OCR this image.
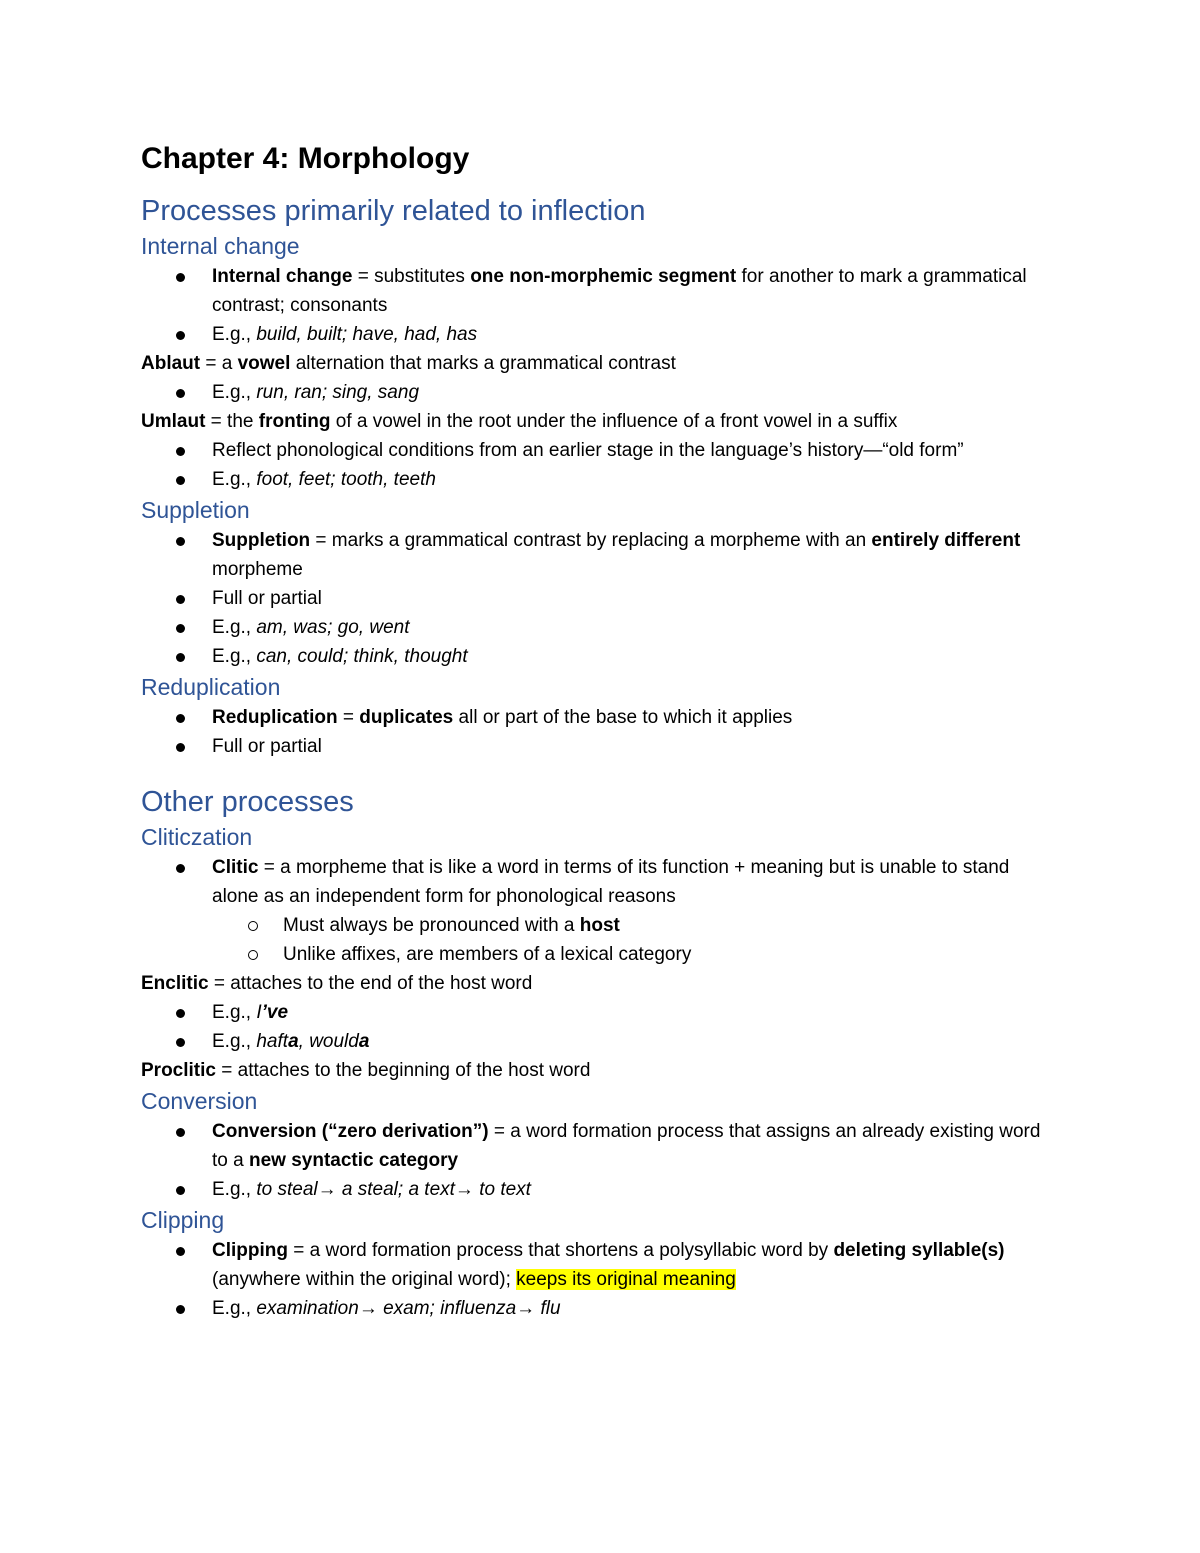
Chapter 4: Morphology
Processes primarily related to inflection
Internal change
Internal change = substitutes one non-morphemic segment for another to mark a grammatical contrast; consonants
E.g., build, built; have, had, has
Ablaut = a vowel alternation that marks a grammatical contrast
E.g., run, ran; sing, sang
Umlaut = the fronting of a vowel in the root under the influence of a front vowel in a suffix
Reflect phonological conditions from an earlier stage in the language’s history—“old form”
E.g., foot, feet; tooth, teeth
Suppletion
Suppletion = marks a grammatical contrast by replacing a morpheme with an entirely different morpheme
Full or partial
E.g., am, was; go, went
E.g., can, could; think, thought
Reduplication
Reduplication = duplicates all or part of the base to which it applies
Full or partial
Other processes
Cliticzation
Clitic = a morpheme that is like a word in terms of its function + meaning but is unable to stand alone as an independent form for phonological reasons
Must always be pronounced with a host
Unlike affixes, are members of a lexical category
Enclitic = attaches to the end of the host word
E.g., I’ve
E.g., hafta, woulda
Proclitic = attaches to the beginning of the host word
Conversion
Conversion (“zero derivation”) = a word formation process that assigns an already existing word to a new syntactic category
E.g., to steal→ a steal; a text→ to text
Clipping
Clipping = a word formation process that shortens a polysyllabic word by deleting syllable(s) (anywhere within the original word); keeps its original meaning
E.g., examination→ exam; influenza→ flu
